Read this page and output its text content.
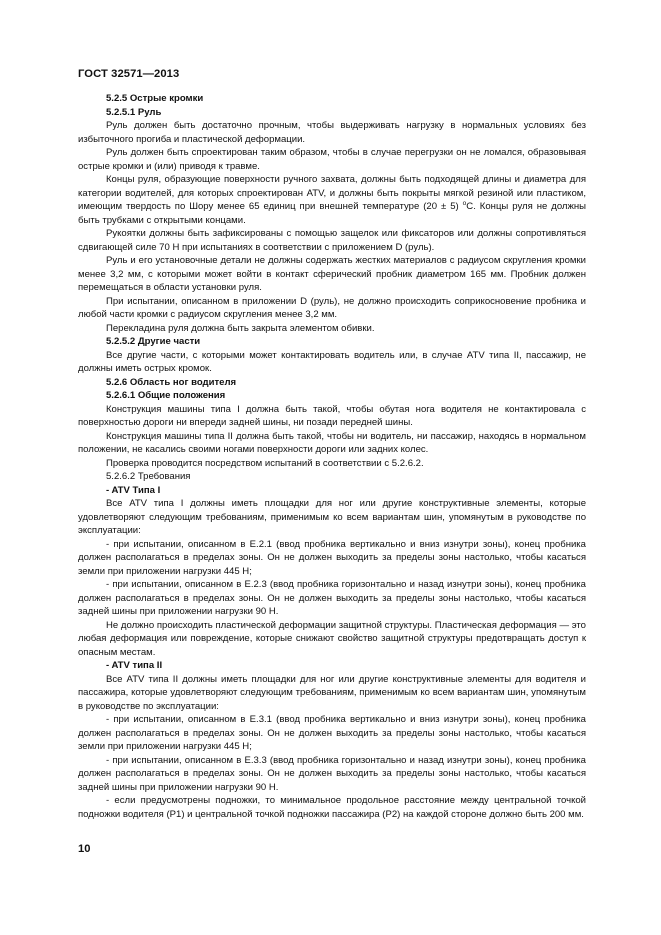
ГОСТ 32571—2013

5.2.5 Острые кромки

5.2.5.1 Руль

Руль должен быть достаточно прочным, чтобы выдерживать нагрузку в нормальных условиях без избыточного прогиба и пластической деформации.

Руль должен быть спроектирован таким образом, чтобы в случае перегрузки он не ломался, образовывая острые кромки и (или) приводя к травме.

Концы руля, образующие поверхности ручного захвата, должны быть подходящей длины и диаметра для категории водителей, для которых спроектирован ATV, и должны быть покрыты мягкой резиной или пластиком, имеющим твердость по Шору менее 65 единиц при внешней температуре (20 ± 5) $^o$С. Концы руля не должны быть трубками с открытыми концами.

Рукоятки должны быть зафиксированы с помощью защелок или фиксаторов или должны сопротивляться сдвигающей силе 70 Н при испытаниях в соответствии с приложением D (руль).

Руль и его установочные детали не должны содержать жестких материалов с радиусом скругления кромки менее 3,2 мм, с которыми может войти в контакт сферический пробник диаметром 165 мм. Пробник должен перемещаться в области установки руля.

При испытании, описанном в приложении D (руль), не должно происходить соприкосновение пробника и любой части кромки с радиусом скругления менее 3,2 мм.

Перекладина руля должна быть закрыта элементом обивки.

5.2.5.2 Другие части

Все другие части, с которыми может контактировать водитель или, в случае ATV типа II, пассажир, не должны иметь острых кромок.

5.2.6 Область ног водителя

5.2.6.1 Общие положения

Конструкция машины типа I должна быть такой, чтобы обутая нога водителя не контактировала с поверхностью дороги ни впереди задней шины, ни позади передней шины.

Конструкция машины типа II должна быть такой, чтобы ни водитель, ни пассажир, находясь в нормальном положении, не касались своими ногами поверхности дороги или задних колес.

Проверка проводится посредством испытаний в соответствии с 5.2.6.2.

5.2.6.2 Требования

- ATV Типа I

Все ATV типа I должны иметь площадки для ног или другие конструктивные элементы, которые удовлетворяют следующим требованиям, применимым ко всем вариантам шин, упомянутым в руководстве по эксплуатации:

- при испытании, описанном в Е.2.1 (ввод пробника вертикально и вниз изнутри зоны), конец пробника должен располагаться в пределах зоны. Он не должен выходить за пределы зоны настолько, чтобы касаться земли при приложении нагрузки 445 Н;

- при испытании, описанном в Е.2.3 (ввод пробника горизонтально и назад изнутри зоны), конец пробника должен располагаться в пределах зоны. Он не должен выходить за пределы зоны настолько, чтобы касаться задней шины при приложении нагрузки 90 Н.

Не должно происходить пластической деформации защитной структуры. Пластическая деформация — это любая деформация или повреждение, которые снижают свойство защитной структуры предотвращать доступ к опасным местам.

- ATV типа II

Все ATV типа II должны иметь площадки для ног или другие конструктивные элементы для водителя и пассажира, которые удовлетворяют следующим требованиям, применимым ко всем вариантам шин, упомянутым в руководстве по эксплуатации:

- при испытании, описанном в Е.3.1 (ввод пробника вертикально и вниз изнутри зоны), конец пробника должен располагаться в пределах зоны. Он не должен выходить за пределы зоны настолько, чтобы касаться земли при приложении нагрузки 445 Н;

- при испытании, описанном в Е.3.3 (ввод пробника горизонтально и назад изнутри зоны), конец пробника должен располагаться в пределах зоны. Он не должен выходить за пределы зоны настолько, чтобы касаться задней шины при приложении нагрузки 90 Н.

- если предусмотрены подножки, то минимальное продольное расстояние между центральной точкой подножки водителя (Р1) и центральной точкой подножки пассажира (Р2) на каждой стороне должно быть 200 мм.

10
